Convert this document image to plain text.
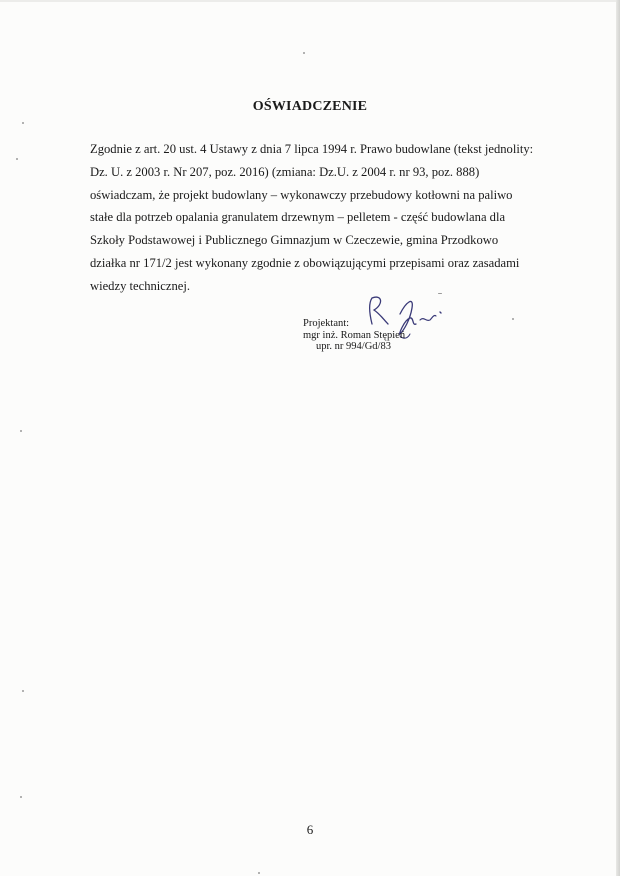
OŚWIADCZENIE
Zgodnie z art. 20 ust. 4 Ustawy z dnia 7 lipca 1994 r. Prawo budowlane (tekst jednolity:
Dz. U. z 2003 r. Nr 207, poz. 2016) (zmiana: Dz.U. z 2004 r. nr 93, poz. 888)
oświadczam, że projekt budowlany – wykonawczy przebudowy kotłowni na paliwo
stałe dla potrzeb opalania granulatem drzewnym – pelletem - część budowlana dla
Szkoły Podstawowej i Publicznego Gimnazjum w Czeczewie, gmina Przodkowo
działka nr 171/2 jest wykonany zgodnie z obowiązującymi przepisami oraz zasadami
wiedzy technicznej.
Projektant:
mgr inż. Roman Stępień
upr. nr 994/Gd/83
6
